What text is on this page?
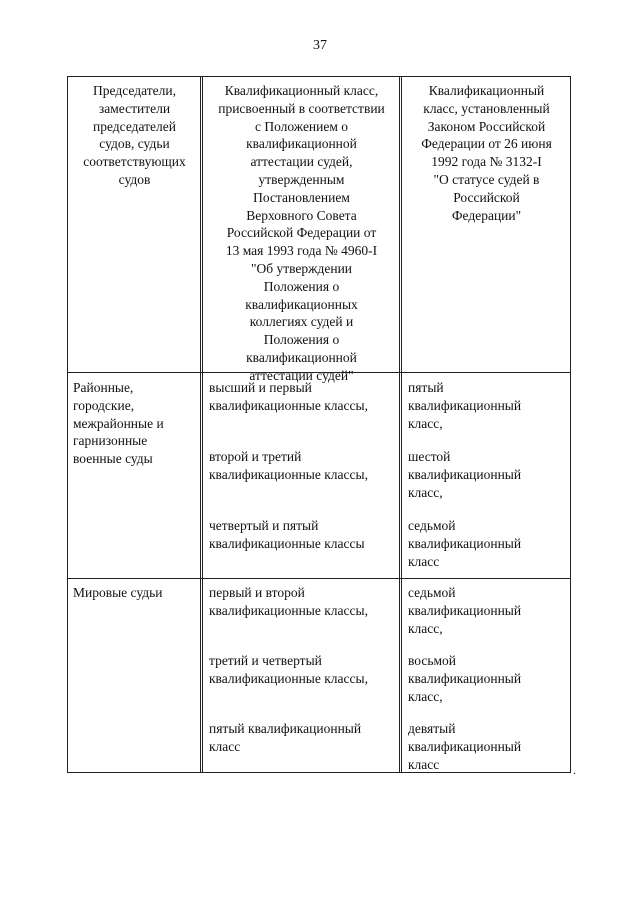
37
Председатели,
заместители
председателей
судов, судьи
соответствующих
судов
Квалификационный класс,
присвоенный в соответствии
с Положением о
квалификационной
аттестации судей,
утвержденным
Постановлением
Верховного Совета
Российской Федерации от
13 мая 1993 года № 4960-I
"Об утверждении
Положения о
квалификационных
коллегиях судей и
Положения о
квалификационной
аттестации судей"
Квалификационный
класс, установленный
Законом Российской
Федерации от 26 июня
1992 года № 3132-I
"О статусе судей в
Российской
Федерации"
Районные,
городские,
межрайонные и
гарнизонные
военные суды
высший и первый
квалификационные классы,
второй и третий
квалификационные классы,
четвертый и пятый
квалификационные классы
пятый
квалификационный
класс,
шестой
квалификационный
класс,
седьмой
квалификационный
класс
Мировые судьи	первый и второй
квалификационные классы,
третий и четвертый
квалификационные классы,
пятый квалификационный
класс
седьмой
квалификационный
класс,
восьмой
квалификационный
класс,
девятый
квалификационный
класс	.
